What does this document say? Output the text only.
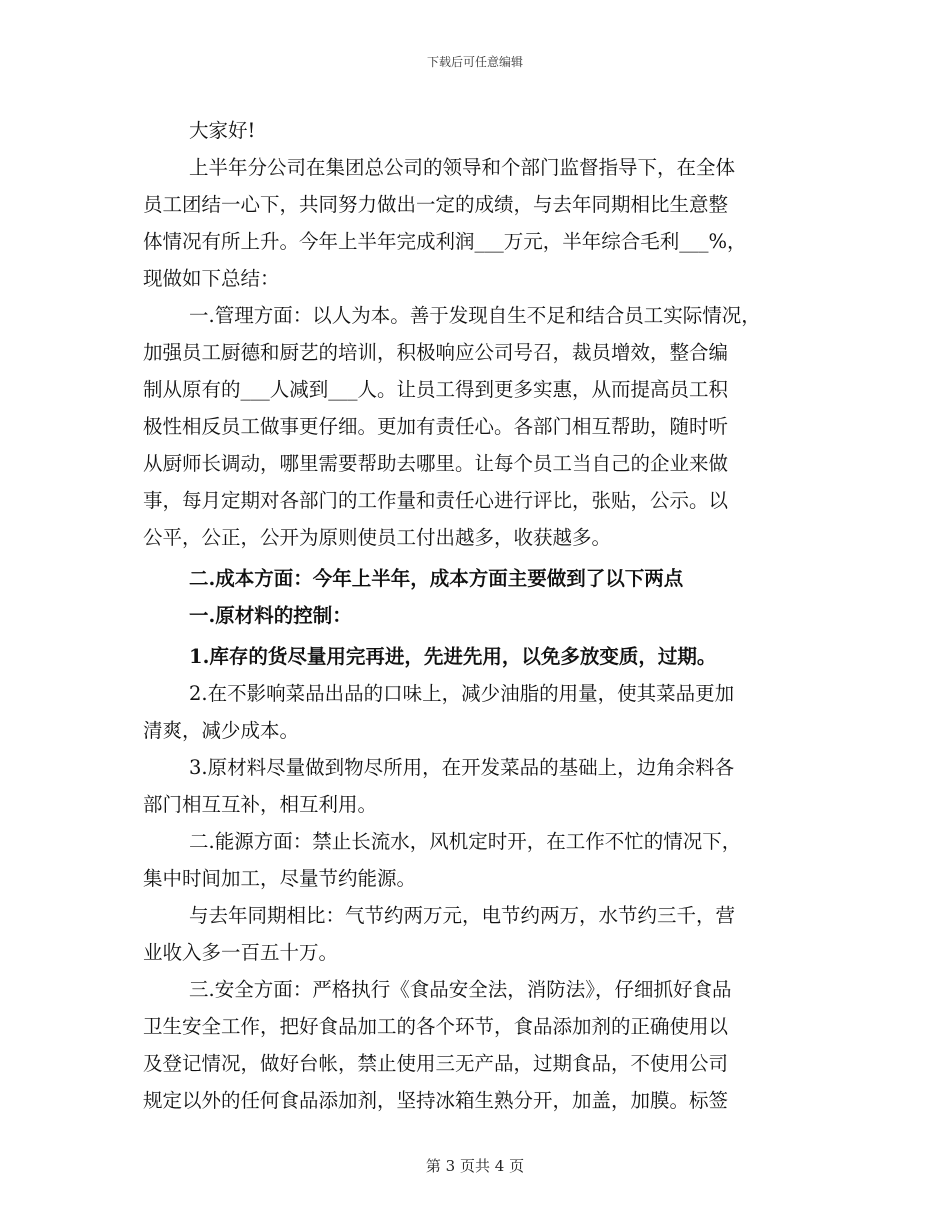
下载后可任意编辑
大家好!
上半年分公司在集团总公司的领导和个部门监督指导下，在全体
员工团结一心下，共同努力做出一定的成绩，与去年同期相比生意整
体情况有所上升。今年上半年完成利润___万元，半年综合毛利___%，
现做如下总结：
一.管理方面：以人为本。善于发现自生不足和结合员工实际情况，
加强员工厨德和厨艺的培训，积极响应公司号召，裁员增效，整合编
制从原有的___人减到___人。让员工得到更多实惠，从而提高员工积
极性相反员工做事更仔细。更加有责任心。各部门相互帮助，随时听
从厨师长调动，哪里需要帮助去哪里。让每个员工当自己的企业来做
事，每月定期对各部门的工作量和责任心进行评比，张贴，公示。以
公平，公正，公开为原则使员工付出越多，收获越多。
二.成本方面：今年上半年，成本方面主要做到了以下两点
一.原材料的控制：
1.库存的货尽量用完再进，先进先用，以免多放变质，过期。
2.在不影响菜品出品的口味上，减少油脂的用量，使其菜品更加
清爽，减少成本。
3.原材料尽量做到物尽所用，在开发菜品的基础上，边角余料各
部门相互互补，相互利用。
二.能源方面：禁止长流水，风机定时开，在工作不忙的情况下，
集中时间加工，尽量节约能源。
与去年同期相比：气节约两万元，电节约两万，水节约三千，营
业收入多一百五十万。
三.安全方面：严格执行《食品安全法，消防法》，仔细抓好食品
卫生安全工作，把好食品加工的各个环节，食品添加剂的正确使用以
及登记情况，做好台帐，禁止使用三无产品，过期食品，不使用公司
规定以外的任何食品添加剂，坚持冰箱生熟分开，加盖，加膜。标签
第 3 页共 4 页
